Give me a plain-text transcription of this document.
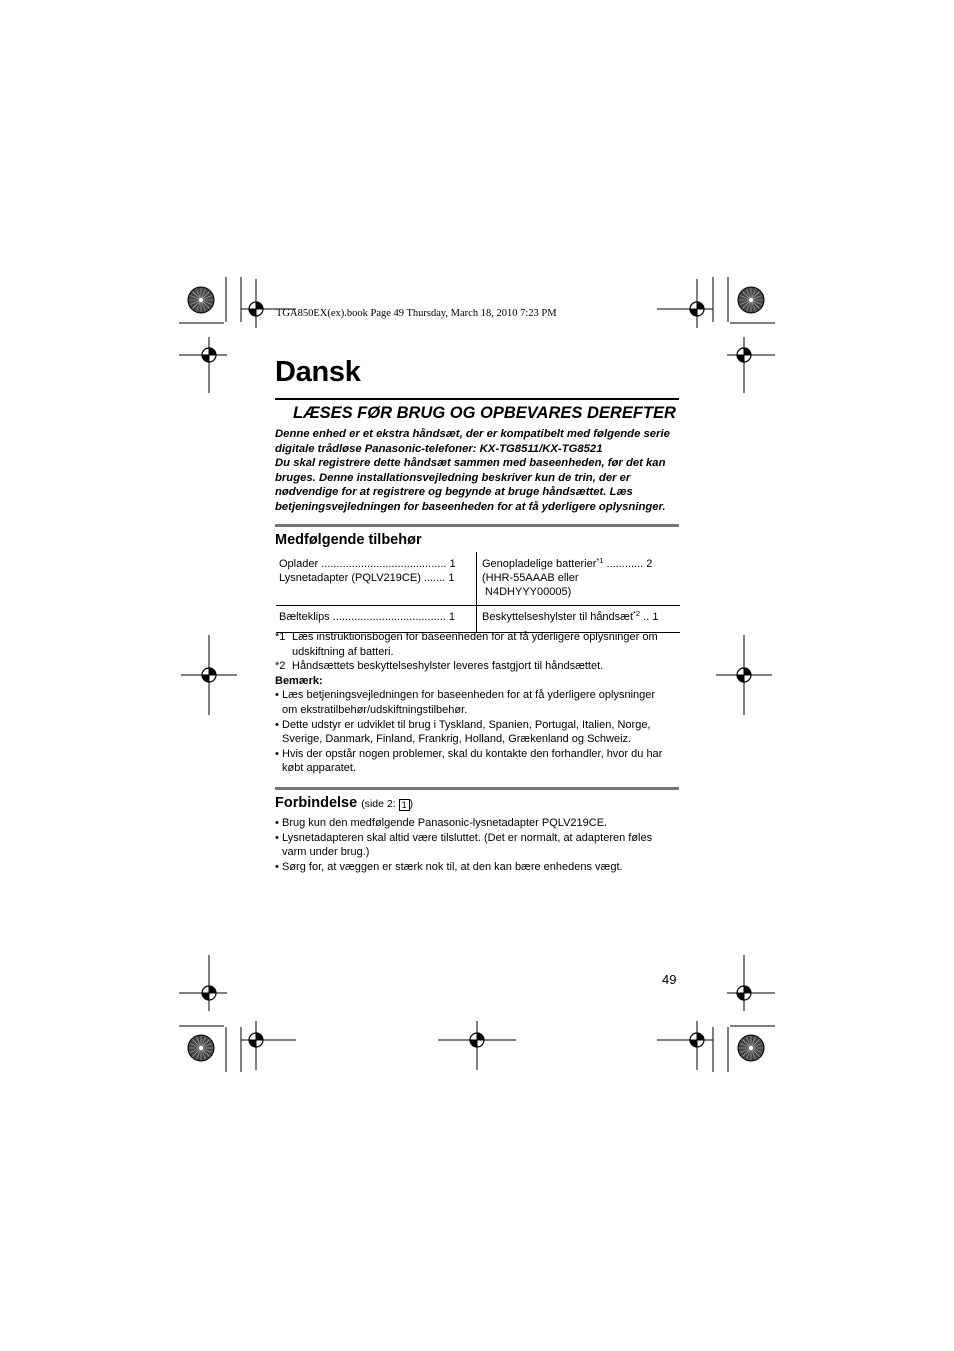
TGA850EX(ex).book Page 49 Thursday, March 18, 2010 7:23 PM
Dansk
LÆSES FØR BRUG OG OPBEVARES DEREFTER
Denne enhed er et ekstra håndsæt, der er kompatibelt med følgende serie
digitale trådløse Panasonic-telefoner: KX-TG8511/KX-TG8521
Du skal registrere dette håndsæt sammen med baseenheden, før det kan
bruges. Denne installationsvejledning beskriver kun de trin, der er
nødvendige for at registrere og begynde at bruge håndsættet. Læs
betjeningsvejledningen for baseenheden for at få yderligere oplysninger.
Medfølgende tilbehør
Oplader ......................................... 1
Lysnetadapter (PQLV219CE) ....... 1
Genopladelige batterier$^{*1}$ ............ 2
(HHR-55AAAB eller
N4DHYYY00005)
Bælteklips ..................................... 1 Beskyttelseshylster til håndsæt$^{*2}$ .. 1
*1 Læs instruktionsbogen for baseenheden for at få yderligere oplysninger om
udskiftning af batteri.
*2 Håndsættets beskyttelseshylster leveres fastgjort til håndsættet.
Bemærk:
• Læs betjeningsvejledningen for baseenheden for at få yderligere oplysninger
om ekstratilbehør/udskiftningstilbehør.
• Dette udstyr er udviklet til brug i Tyskland, Spanien, Portugal, Italien, Norge,
Sverige, Danmark, Finland, Frankrig, Holland, Grækenland og Schweiz.
• Hvis der opstår nogen problemer, skal du kontakte den forhandler, hvor du har
købt apparatet.
Forbindelse (side 2: 1 )
• Brug kun den medfølgende Panasonic-lysnetadapter PQLV219CE.
• Lysnetadapteren skal altid være tilsluttet. (Det er normalt, at adapteren føles
varm under brug.)
• Sørg for, at væggen er stærk nok til, at den kan bære enhedens vægt.
49
